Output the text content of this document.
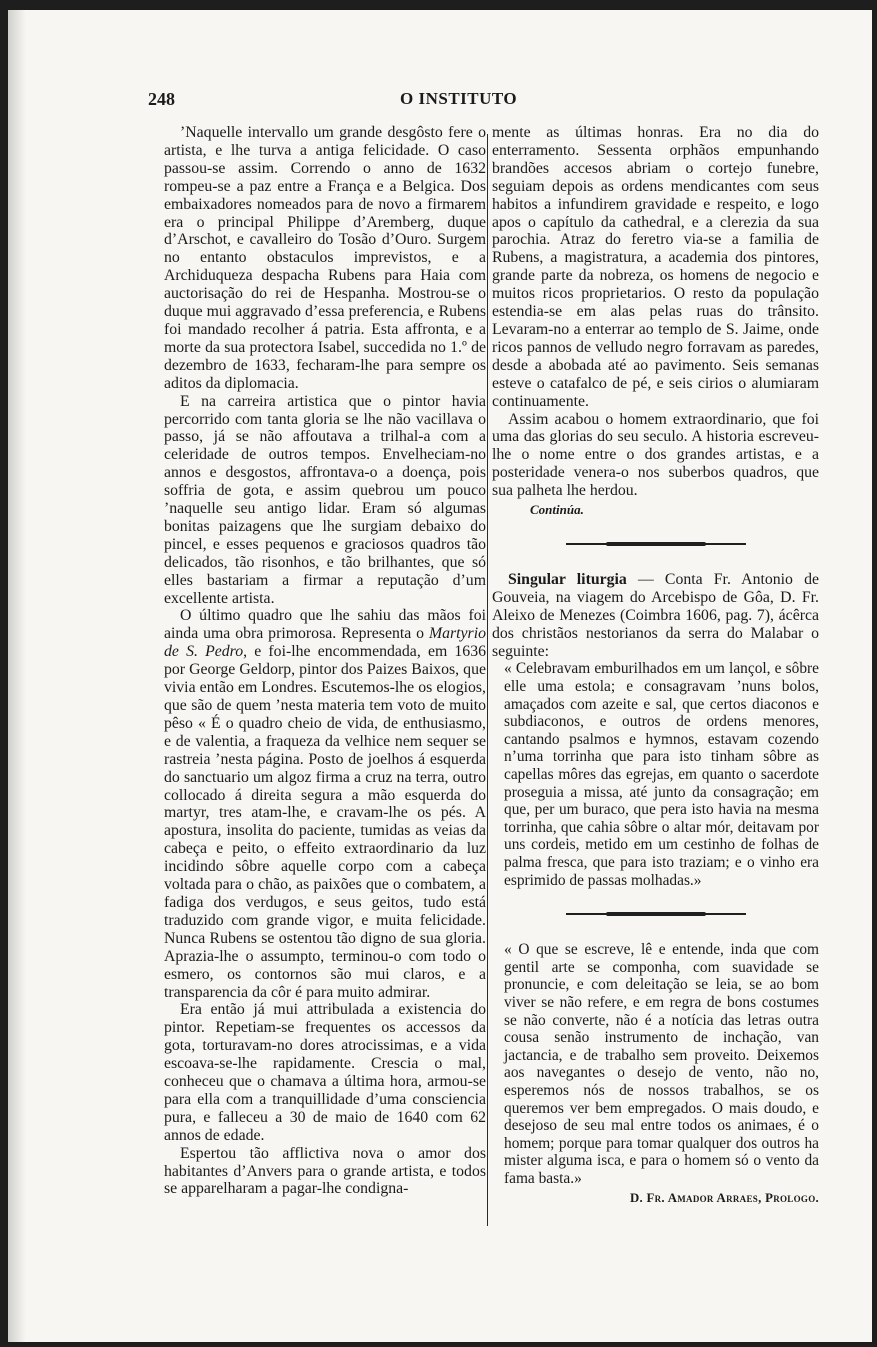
248	O INSTITUTO

’Naquelle intervallo um grande desgôsto fere o artista, e lhe turva a antiga felicidade. O caso passou-se assim. Correndo o anno de 1632 rompeu-se a paz entre a França e a Belgica. Dos embaixadores nomeados para de novo a firmarem era o principal Philippe d’Aremberg, duque d’Arschot, e cavalleiro do Tosão d’Ouro. Surgem no entanto obstaculos imprevistos, e a Archiduqueza despacha Rubens para Haia com auctorisação do rei de Hespanha. Mostrou-se o duque mui aggravado d’essa preferencia, e Rubens foi mandado recolher á patria. Esta affronta, e a morte da sua protectora Isabel, succedida no 1.º de dezembro de 1633, fecharam-lhe para sempre os aditos da diplomacia.

E na carreira artistica que o pintor havia percorrido com tanta gloria se lhe não vacillava o passo, já se não affoutava a trilhal-a com a celeridade de outros tempos. Envelheciam-no annos e desgostos, affrontava-o a doença, pois soffria de gota, e assim quebrou um pouco ’naquelle seu antigo lidar. Eram só algumas bonitas paizagens que lhe surgiam debaixo do pincel, e esses pequenos e graciosos quadros tão delicados, tão risonhos, e tão brilhantes, que só elles bastariam a firmar a reputação d’um excellente artista.

O último quadro que lhe sahiu das mãos foi ainda uma obra primorosa. Representa o Martyrio de S. Pedro, e foi-lhe encommendada, em 1636 por George Geldorp, pintor dos Paizes Baixos, que vivia então em Londres. Escutemos-lhe os elogios, que são de quem ’nesta materia tem voto de muito pêso « É o quadro cheio de vida, de enthusiasmo, e de valentia, a fraqueza da velhice nem sequer se rastreia ’nesta página. Posto de joelhos á esquerda do sanctuario um algoz firma a cruz na terra, outro collocado á direita segura a mão esquerda do martyr, tres atam-lhe, e cravam-lhe os pés. A apostura, insolita do paciente, tumidas as veias da cabeça e peito, o effeito extraordinario da luz incidindo sôbre aquelle corpo com a cabeça voltada para o chão, as paixões que o combatem, a fadiga dos verdugos, e seus geitos, tudo está traduzido com grande vigor, e muita felicidade. Nunca Rubens se ostentou tão digno de sua gloria. Aprazia-lhe o assumpto, terminou-o com todo o esmero, os contornos são mui claros, e a transparencia da côr é para muito admirar.

Era então já mui attribulada a existencia do pintor. Repetiam-se frequentes os accessos da gota, torturavam-no dores atrocissimas, e a vida escoava-se-lhe rapidamente. Crescia o mal, conheceu que o chamava a última hora, armou-se para ella com a tranquillidade d’uma consciencia pura, e falleceu a 30 de maio de 1640 com 62 annos de edade.

Espertou tão afflictiva nova o amor dos habitantes d’Anvers para o grande artista, e todos se apparelharam a pagar-lhe condigna-

mente as últimas honras. Era no dia do enterramento. Sessenta orphãos empunhando brandões accesos abriam o cortejo funebre, seguiam depois as ordens mendicantes com seus habitos a infundirem gravidade e respeito, e logo apos o capítulo da cathedral, e a clerezia da sua parochia. Atraz do feretro via-se a familia de Rubens, a magistratura, a academia dos pintores, grande parte da nobreza, os homens de negocio e muitos ricos proprietarios. O resto da população estendia-se em alas pelas ruas do trânsito. Levaram-no a enterrar ao templo de S. Jaime, onde ricos pannos de velludo negro forravam as paredes, desde a abobada até ao pavimento. Seis semanas esteve o catafalco de pé, e seis cirios o alumiaram continuamente.

Assim acabou o homem extraordinario, que foi uma das glorias do seu seculo. A historia escreveu-lhe o nome entre o dos grandes artistas, e a posteridade venera-o nos suberbos quadros, que sua palheta lhe herdou.

Continúa.

Singular liturgia — Conta Fr. Antonio de Gouveia, na viagem do Arcebispo de Gôa, D. Fr. Aleixo de Menezes (Coimbra 1606, pag. 7), ácêrca dos christãos nestorianos da serra do Malabar o seguinte:

« Celebravam emburilhados em um lançol, e sôbre elle uma estola; e consagravam ’nuns bolos, amaçados com azeite e sal, que certos diaconos e subdiaconos, e outros de ordens menores, cantando psalmos e hymnos, estavam cozendo n’uma torrinha que para isto tinham sôbre as capellas môres das egrejas, em quanto o sacerdote proseguia a missa, até junto da consagração; em que, per um buraco, que pera isto havia na mesma torrinha, que cahia sôbre o altar mór, deitavam por uns cordeis, metido em um cestinho de folhas de palma fresca, que para isto traziam; e o vinho era esprimido de passas molhadas.»

« O que se escreve, lê e entende, inda que com gentil arte se componha, com suavidade se pronuncie, e com deleitação se leia, se ao bom viver se não refere, e em regra de bons costumes se não converte, não é a notícia das letras outra cousa senão instrumento de inchação, van jactancia, e de trabalho sem proveito. Deixemos aos navegantes o desejo de vento, não no, esperemos nós de nossos trabalhos, se os queremos ver bem empregados. O mais doudo, e desejoso de seu mal entre todos os animaes, é o homem; porque para tomar qualquer dos outros ha mister alguma isca, e para o homem só o vento da fama basta.»

D. Fr. Amador Arraes, Prologo.
